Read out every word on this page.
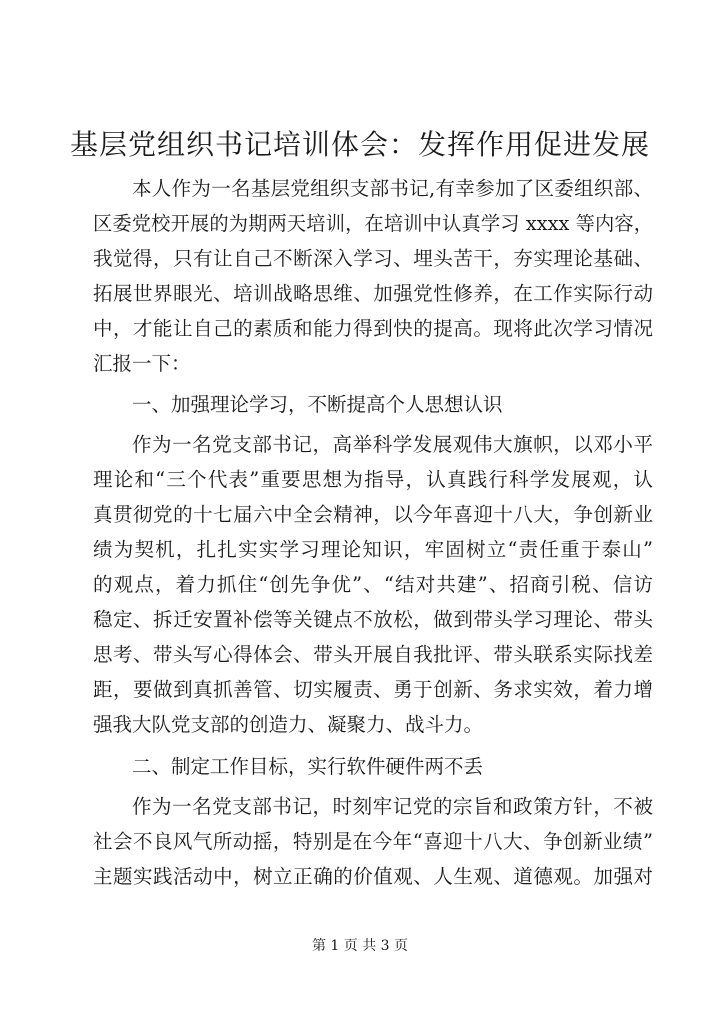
基层党组织书记培训体会：发挥作用促进发展

本人作为一名基层党组织支部书记,有幸参加了区委组织部、

区委党校开展的为期两天培训，在培训中认真学习 xxxx 等内容，

我觉得，只有让自己不断深入学习、埋头苦干，夯实理论基础、

拓展世界眼光、培训战略思维、加强党性修养，在工作实际行动

中，才能让自己的素质和能力得到快的提高。现将此次学习情况

汇报一下：

一、加强理论学习，不断提高个人思想认识

作为一名党支部书记，高举科学发展观伟大旗帜，以邓小平

理论和“三个代表”重要思想为指导，认真践行科学发展观，认

真贯彻党的十七届六中全会精神，以今年喜迎十八大，争创新业

绩为契机，扎扎实实学习理论知识，牢固树立“责任重于泰山”

的观点，着力抓住“创先争优”、“结对共建”、招商引税、信访

稳定、拆迁安置补偿等关键点不放松，做到带头学习理论、带头

思考、带头写心得体会、带头开展自我批评、带头联系实际找差

距，要做到真抓善管、切实履责、勇于创新、务求实效，着力增

强我大队党支部的创造力、凝聚力、战斗力。

二、制定工作目标，实行软件硬件两不丢

作为一名党支部书记，时刻牢记党的宗旨和政策方针，不被

社会不良风气所动摇，特别是在今年“喜迎十八大、争创新业绩”

主题实践活动中，树立正确的价值观、人生观、道德观。加强对

第 1 页 共 3 页
